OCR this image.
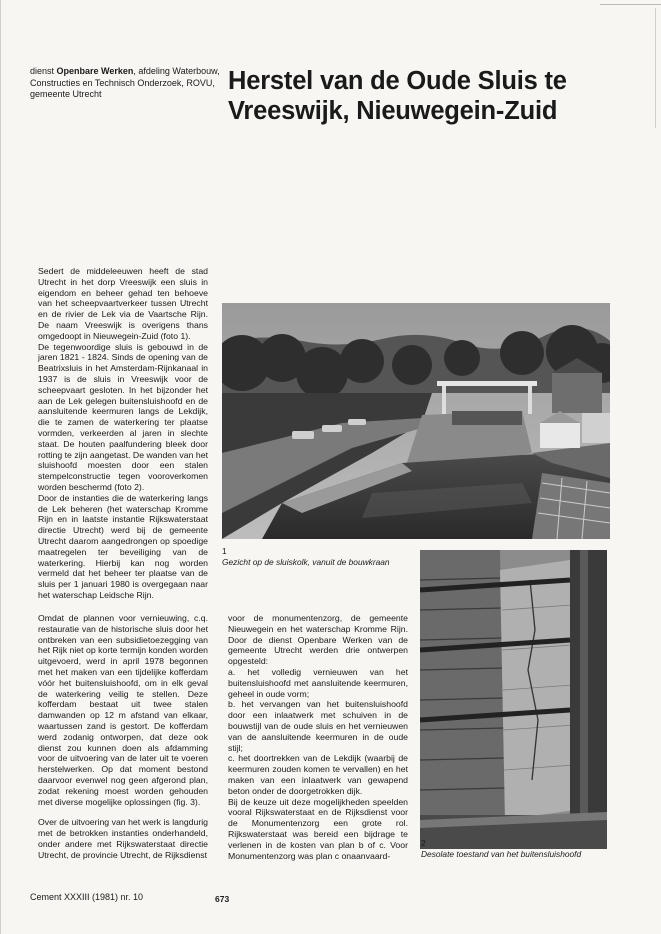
dienst Openbare Werken, afdeling Waterbouw, Constructies en Technisch Onderzoek, ROVU, gemeente Utrecht	Herstel van de Oude Sluis te
Vreeswijk, Nieuwegein-Zuid

Sedert de middeleeuwen heeft de stad Utrecht in het dorp Vreeswijk een sluis in eigendom en beheer gehad ten behoeve van het scheepvaartverkeer tussen Utrecht en de rivier de Lek via de Vaartsche Rijn. De naam Vreeswijk is overigens thans omgedoopt in Nieuwegein-Zuid (foto 1).

De tegenwoordige sluis is gebouwd in de jaren 1821 - 1824. Sinds de opening van de Beatrixsluis in het Amsterdam-Rijnkanaal in 1937 is de sluis in Vreeswijk voor de scheepvaart gesloten. In het bijzonder het aan de Lek gelegen buitensluishoofd en de aansluitende keermuren langs de Lekdijk, die te zamen de waterkering ter plaatse vormden, verkeerden al jaren in slechte staat. De houten paalfundering bleek door rotting te zijn aangetast. De wanden van het sluishoofd moesten door een stalen stempelconstructie tegen vooroverkomen worden beschermd (foto 2).

Door de instanties die de waterkering langs de Lek beheren (het waterschap Kromme Rijn en in laatste instantie Rijkswaterstaat directie Utrecht) werd bij de gemeente Utrecht daarom aangedrongen op spoedige maatregelen ter beveiliging van de waterkering. Hierbij kan nog worden vermeld dat het beheer ter plaatse van de sluis per 1 januari 1980 is overgegaan naar het waterschap Leidsche Rijn.

Omdat de plannen voor vernieuwing, c.q. restauratie van de historische sluis door het ontbreken van een subsidietoezegging van het Rijk niet op korte termijn konden worden uitgevoerd, werd in april 1978 begonnen met het maken van een tijdelijke kofferdam vóór het buitensluishoofd, om in elk geval de waterkering veilig te stellen. Deze kofferdam bestaat uit twee stalen damwanden op 12 m afstand van elkaar, waartussen zand is gestort. De kofferdam werd zodanig ontworpen, dat deze ook dienst zou kunnen doen als afdamming voor de uitvoering van de later uit te voeren herstelwerken. Op dat moment bestond daarvoor evenwel nog geen afgerond plan, zodat rekening moest worden gehouden met diverse mogelijke oplossingen (fig. 3).

Over de uitvoering van het werk is langdurig met de betrokken instanties onderhandeld, onder andere met Rijkswaterstaat directie Utrecht, de provincie Utrecht, de Rijksdienst

voor de monumentenzorg, de gemeente Nieuwegein en het waterschap Kromme Rijn. Door de dienst Openbare Werken van de gemeente Utrecht werden drie ontwerpen opgesteld:

a. het volledig vernieuwen van het buitensluishoofd met aansluitende keermuren, geheel in oude vorm;

b. het vervangen van het buitensluishoofd door een inlaatwerk met schuiven in de bouwstijl van de oude sluis en het vernieuwen van de aansluitende keermuren in de oude stijl;

c. het doortrekken van de Lekdijk (waarbij de keermuren zouden komen te vervallen) en het maken van een inlaatwerk van gewapend beton onder de doorgetrokken dijk.

Bij de keuze uit deze mogelijkheden speelden vooral Rijkswaterstaat en de Rijksdienst voor de Monumentenzorg een grote rol. Rijkswaterstaat was bereid een bijdrage te verlenen in de kosten van plan b of c. Voor Monumentenzorg was plan c onaanvaard-

1
Gezicht op de sluiskolk, vanuit de bouwkraan
2
Desolate toestand van het buitensluishoofd
Cement XXXIII (1981) nr. 10	673
